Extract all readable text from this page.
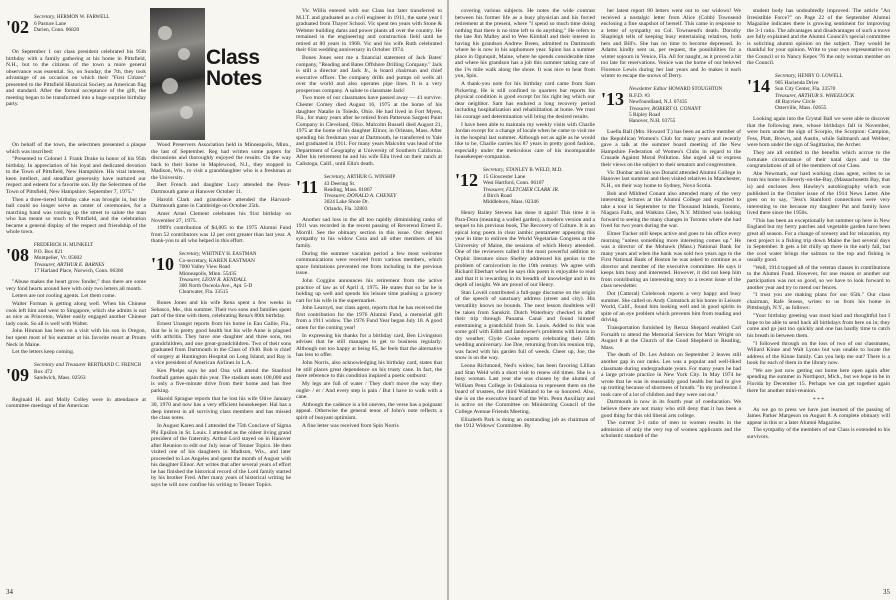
Class Notes

On behalf of the town, the selectmen presented a plaque which was inscribed:

"Presented to Colonel J. Frank Drake in honor of his 95th birthday. In appreciation of his loyal and dedicated devotion to the Town of Pittsfield, New Hampshire. His vital interest, keen intellect, and steadfast generosity have nurtured our respect and esteem for a favorite son. By the Selectmen of the Town of Pittsfield, New Hampshire. September 7, 1975."

Then a three-tiered birthday cake was brought in, but the ball could no longer serve as center of ceremonies, for a marching band was coming up the street to salute the man who has meant so much to Pittsfield, and the celebration became a general display of the respect and friendship of the whole town.

'08 FREDERICK H. MUNKELT
P.O. Box 821
Montpelier, Vt. 05602
Treasurer, ARTHUR E. BARNES
17 Harland Place, Norwich, Conn. 06360

"Abuse makes the heart grow fonder," thus there are some very fond hearts around here with only two letters all month.

Letters are not cooling agents. Let them come.

Walter Forman is getting along well. When his Chinese cook left him and went to Singapore, which she admits is not as nice as Princeton, Walter easily engaged another Chinese lady cook. So all is well with Walter.

John Hinman has been on a visit with his son in Oregon, but spent most of his summer at his favorite resort at Prouts Neck in Maine.

Let the letters keep coming.

'09 Secretary and Treasurer BERTRAND C. FRENCH
Box 472
Sandwich, Mass. 02563

Reginald H. and Molly Colley were in attendance at committee meetings of the American

'02 Secretary, HERMON W. FARWELL
6 Pasture Lane
Darien, Conn. 06820

On September 1 our class president celebrated his 95th birthday with a family gathering at his home in Pittsfield, N.H., but to the citizens of the town a more general observance was essential. So, on Sunday, the 7th, they took advantage of an occasion on which their "First Citizen" presented to the Pittsfield Historical Society an American flag and standard. After the formal acceptance of the gift, the meeting began to be transformed into a huge surprise birthday party.

Wood Preservers Association held in Minneapolis, Minn., the last of September. Reg had written some papers for discussions and thoroughly enjoyed the results. On the way back to their home in Maplewood, N.J., they stopped in Madison, Wis., to visit a granddaughter who is a freshman at the University.

Bert French and daughter Lucy attended the Penn-Dartmouth game at Hanover October 11.

Harold Clark and grandniece attended the Harvard-Dartmouth game in Cambridge on October 25th.

Amer Arnel Clement celebrates his 91st birthday on November 27, 1975.

1909's contribution of $4,005 to the 1975 Alumni Fund from 52 contributors was 12 per cent greater than last year. A thank-you to all who helped in this effort.

'10 Secretary, WHITNEY H. EASTMAN
Co-secretary, KAREN EASTMAN
7000 Valley View Road
Minneapolis, Minn. 55435
Treasurer, LEON R. KENDALL
300 North Osceola Ave., Apt. 5-D
Clearwater, Fla. 33515

Bones Jones and his wife Rena spent a few weeks in Sebasco, Me., this summer. Their two sons and families spent part of the time with them, celebrating Rena's 80th birthday.

Ernest Unangst reports from his home in Eau Gallie, Fla., that he is in pretty good health but his wife Anne is plagued with arthritis. They have one daughter and three sons, ten grandchildren, and one great-grandchildren. Two of their sons graduated from Dartmouth in the Class of 1940. Bob is chief of surgery at Huntington Hospital on Long Island, and Ray is a vice president of American Airlines in L.A.

Ken Phelps says he and Ona will attend the Stanford football games again this year. The stadium seats 100,000 and is only a five-minute drive from their home and has free parking.

Harold Sprague reports that he lost his wife Olive January 30, 1970 and now has a very efficient housekeeper. Hal has a deep interest in all surviving class members and has missed the class notes.

In August Karen and I attended the 75th Conclave of Sigma Phi Epsilon in St. Louis. I attended as the oldest living grand president of the fraternity. Arthur Lord stayed on in Hanover after Reunion to edit our July issue of Tenner Topics. He then visited one of his daughters in Madison, Wis., and later proceeded to Los Angeles and spent the month of August with his daughter Elinor. Art writes that after several years of effort he has finished the historical record of the Lord family started by his brother Fred. After many years of historical writing he says he will now confine his writing to Tenner Topics.

Vic Willis entered with our Class but later transferred to M.I.T. and graduated as a civil engineer in 1911, the same year I graduated from Thayer School. Vic spent ten years with Stone & Webster building dams and power plants all over the country. He remained in the engineering and construction field until he retired at 80 years in 1968. Vic and his wife Ruth celebrated their 61st wedding anniversary in October 1974.

Bones Jones sent me a financial statement of Jack Bates' company, "Reading and Bates Offshore Drilling Company." Jack is still a director and Jack Jr., is board chairman and chief executive officer. The company drills and pumps oil wells all over the world and also operates pipe lines. It is a very prosperous company. A salute to classmate Jack!

Two more of our classmates have passed away — 41 survive. Chester Comey died August 16, 1975 at the home of his daughter Natalie in Toledo, Ohio. He had lived in Fort Myers, Fla., for many years after he retired from Patterson Sargent Paint Company in Cleveland, Ohio. Malcolm Russell died August 21, 1975 at the home of his daughter Elinor, in Orleans, Mass. After spending his freshman year at Dartmouth, he transferred to Yale and graduated in 1911. For many years Malcolm was head of the Department of Geography at University of Southern California. After his retirement he and his wife Ella lived on their ranch at Calistoga, Calif., until Ella's death.

'11 Secretary, ARTHUR G. WINSHIP
43 Deering St.
Reading, Mass. 01867
Treasurer, DONALD A. CHENEY
3024 Lake Shore Dr.
Orlando, Fla. 32803

Another sad loss in the all too rapidly diminishing ranks of 1911 was recorded in the recent passing of Reverend Ernest E. Morrill. See the obituary section in this issue. Our deepest sympathy to his widow Cora and all other members of his family.

During the summer vacation period a few most welcome communications were received from various members, which space limitations prevented me from including in the previous issue.

John Coggins announces his retirement from the active practice of law as of April 4, 1975. He states that so far he is holding up well and spends his leisure time pushing a grocery cart for his wife in the supermarket.

John Learoyd, our class agent, reports that he has received the first contribution for the 1976 Alumni Fund, a memorial gift from a 1911 widow. The 1976 Fund Year began July 18. A good omen for the coming year!

In expressing his thanks for a birthday card, Ben Livingston advises that he still manages to get to business regularly. Although not too happy at being 85, he feels that the alternative has less to offer.

John Norris, also acknowledging his birthday card, states that he still places great dependence on his trusty cane. In fact, the mere reference to this condition inspired a poetic outburst:

My legs are full of water / They don't move the way they ought- / er / And every step is pain / But I have to walk with a cane.

Although the cadence is a bit uneven, the verse has a poignant appeal. Otherwise the general tenor of John's note reflects a spirit of buoyant optimism.

A fine letter was received from Spin Norris

34

covering various subjects. He notes the wide contrast between his former life as a busy physician and his forced retirement at the present, where "I spend so much time doing nothing that there is no time left to do anything." He refers to the late Jim Malley and to Wee Kimball and their interest in having his grandson Andrew Breen, admitted to Dartmouth where he is now in his sophomore year. Spinn has a summer place in Ogunquit, Maine, where he spends considerable time and where his grandson has a job this summer taking care of the 1¾ mile walk along the shore. It was nice to hear from you, Spin.

A thank-you note for his birthday card came from Sam Pickering. He is still confined to quarters but reports his physical condition is good except for his right leg which our dear neighbor. Sam has endured a long recovery period including hospitalization and rehabilitation at home. We trust his courage and determination will bring the desired results.

I have been able to maintain my weekly visits with Charlie Jordan except for a change of locale when he came to visit me in the hospital last summer. Although not as agile as he would like to be, Charlie carries his 87 years in pretty good fashion, especially under the meticulous care of his incomparable housekeeper-companion.

'12 Secretary, STANLEY B. WELD, M.D.
15 Gloucester Lane
West Hartford, Conn. 06107
Treasurer, FLETCHER CLARK JR.
4 Birch Road
Middleboro, Mass. 02346

Henry Bailey Stevens has done it again! This time it is Para-Dora (meaning a walled garden), a modern version and a sequel to his previous book, The Recovery of Culture. It is an epical long poem in clear iambic pentameter appearing this year in time to enliven the World Vegetarian Congress at the University of Maine, the sessions of which Henry attended. One of the reviewers called it the most powerful addition to Orphic literature since Shelley addressed his genius to the problem of carnivorism in the 19th century. We agree with Richard Eberhart when he says this poem is enjoyable to read and that it is rewarding in its breadth of knowledge and in its depth of insight. We are proud of our Henry.

Stan Lovell contributed a full-page discourse on the origin of the speech of sanctuary address (street and city). His versatility knows no bounds. The next lesson doubtless will be taken from Sanskrit. Dutch Waterbury checked in after their trip through Panama Canal and found himself entertaining a grandchild from St. Louis. Added to this was some golf with Edith and landowner's problems with lawns in dry weather. Clyde Cooke reports celebrating their 58th wedding anniversary. Joe Doe, returning from his reunion trip, was faced with his garden full of weeds. Cheer up, Joe, the snow is on the way.

Leona Richmond, Ned's widow, has been favoring Lillian and Stan Weld with a short visit to renew old times. She is a busy woman. Last year she was chosen by the alumni of William Penn College in Oskaloosa to represent them on the board of trustees, the third Waitland to be so honored. Also, she is on the executive board of the Wm. Penn Auxiliary and is active on the Committee on Ministering Council of the College Avenue Friends Meeting.

Elizabeth Park is doing an outstanding job as chairman of the 1912 Widows' Committee. By

her latest report 80 letters went out to our widows! We received a nostalgic letter from Alice (Cobb) Townsend enclosing a fine snapshot of herself. This came in response to a letter of sympathy on Col. Townsend's death. Dorothy Shapleigh tells of keeping busy entertaining relatives, both hers and Bill's. She has no time to become depressed. Jo Adams kindly sent us, per request, the possibilities for a winter sojourn in Venice, Fla. All for naught, as it proved a bit too late for reservations. Venice was the home of our beloved Florence Lewis during her last years and Jo makes it each winter to escape the snows of Derry.

'13 Newsletter Editor HOWARD STOUGHTON
R.F.D. #3
Newfoundland, N.J. 07435
Treasurer, ROBERT O. CONANT
5 Ripley Road
Hanover, N.H. 03755

Luella Ball (Mrs. Howard T.) has been an active member of the Republican Women's Club for many years and recently gave a talk at the summer board meeting of the New Hampshire Federation of Women's Clubs in regard to the Crusade Against Moral Pollution. She urged all to express their views on the subject to their senators and congressmen.

Vic Dunbar and his son Donald attended Alumni College in Hanover last summer and then visited relatives in Manchester, N.H., on their way home to Sydney, Nova Scotia.

Bob and Mildred Conant also attended many of the very interesting lectures at the Alumni College and expected to take a tour in September to the Thousand Islands, Toronto, Niagara Falls, and Watkins Glen, N.Y. Mildred was looking forward to seeing the many changes in Toronto where she had lived for two years during the war.

Elmer Tucker still keeps active and goes to his office every morning "unless something more interesting comes up." He was a director of the Mohawk (Mass.) National Bank for many years and when the bank was sold two years ago to the First National Bank of Boston he was asked to continue as a director and member of the executive committee. He says it keeps him busy and interested. However, it did not keep him from contributing an interesting story to a recent issue of the class newsletter.

Dot (Catteral) Colebrook reports a very happy and busy summer. She called on Andy Comstock at his home in Leisure World, Calif., found him looking well and in good spirits in spite of an eye problem which prevents him from reading and driving.

Transportation furnished by Renza Shepard enabled Carl Forsaith to attend the Memorial Services for Marc Wright on August 8 at the Church of the Good Shepherd in Reading, Mass.

The death of Dr. Les Ashton on September 2 leaves still another gap in our ranks. Les was a popular and well-liked classmate during undergraduate years. For many years he had a large private practice in New York City. In May 1974 he wrote that he was in reasonably good health but had to give up trotting because of shortness of breath. "In my profession I took care of a lot of children and they were out out."

Dartmouth is now in its fourth year of coeducation. We believe there are not many who still deny that it has been a good thing for this old liberal arts college.

The current 3-1 ratio of men to women results in the admission of only the very top of women applicants and the scholastic standard of the

student body has undoubtedly improved. The article "An Irresistible Force?" on Page 22 of the September Alumni Magazine indicates there is growing sentiment for improving the 3-1 ratio. The advantages and disadvantages of such a move are fully explained and the Alumni Council's special committee is soliciting alumni opinion on the subject. They would be thankful for your opinion. Write to your own representative on the Council or to Nancy Kepes '76 the only woman member on the Council.

'14 Secretary, HENRY O. LOWELL
905 Hacienda Drive
Sun City Center, Fla. 33570
Treasurer, ARTHUR S. WHEELOCK
48 Bayview Circle
Osterville, Mass. 02655

Looking again into the Crystal Ball we were able to discover that the following men, whose birthdays fall in November, were born under the sign of Scorpio, the Scorpion: Campion, Fess, Platt, Brown, and Austin, while Saltmarsh and Webber, were born under the sign of Sagittarius, the Archer.

They are all entitled to the benefits which accrue to the fortunate circumstance of their natal days and to the congratulations of all of the members of our Class.

Abe Newmark, our hard working class agent, writes to us from his home in Beverly-on-the-Bay, (Massachusetts Bay, that is) and encloses Jess Hawley's autobiography which was published in the October issue of the 1914 News Letter. Abe goes on to say, "Jess's Stamford connections were very interesting to me because my daughter Pat and family have lived there since the 1950s.

"This has been an exceptionally hot summer up here in New England but my berry patches and vegetable garden have been great all season. For a change of scenery and for relaxation, my next project is a fishing trip down Maine the last several days in September. It gets a bit chilly up there in the early fall, but the cool water brings the salmon to the top and fishing is usually good.

"Well, 1914 topped all of the veteran classes in contributions to the Alumni Fund. However, for one reason or another our participation was not so good, so we have to look forward to another year and try to mend our fences.

"I trust you are making plans for our 65th." Our class chairman, Rafe Stoess, writes to us from his home in Pittsburgh, N.Y., as follows:

"Your birthday greeting was most kind and thoughtful but I hope to be able to send back all birthdays from here on in; they come and go just too quickly and one has hardly time to catch his breath in between them.

"I followed through on the loss of two of our classmates, Willard Kinne and Walt Lyons but was unable to locate the address of the Kinne family. Can you help me out? There is a book for each of them in the library now.

"We are just now getting our home here open again after spending the summer in Northport, Mich., but we hope to be in Florida by December 15. Perhaps we can get together again there for another mini-reunion.

* * *

As we go to press we have just learned of the passing of James Parker Margeson on August 8. A complete obituary will appear in this or a later Alumni Magazine.

The sympathy of the members of our Class is extended to his survivors.

35
